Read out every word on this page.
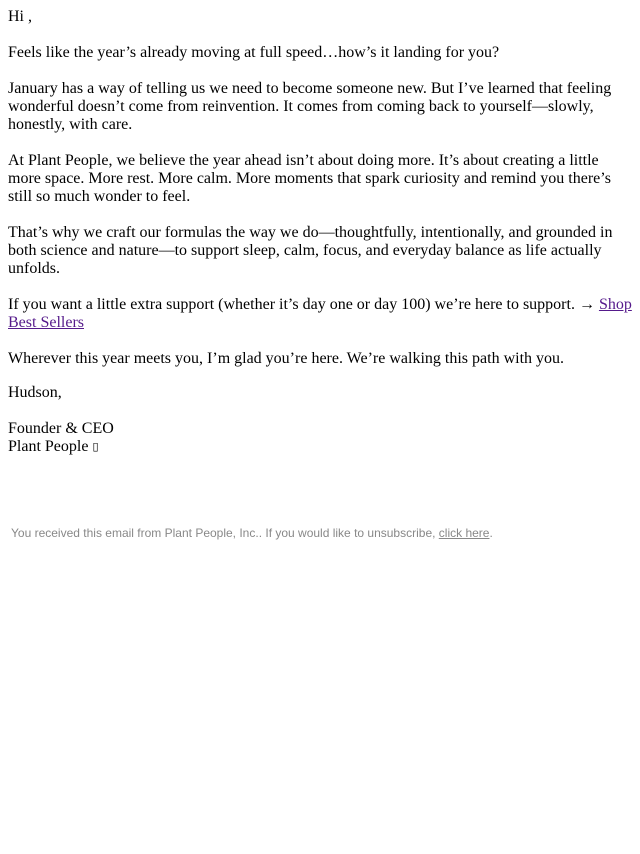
Hi ,

Feels like the year’s already moving at full speed…how’s it landing for you?

January has a way of telling us we need to become someone new. But I’ve learned that feeling wonderful doesn’t come from reinvention. It comes from coming back to yourself—slowly, honestly, with care.

At Plant People, we believe the year ahead isn’t about doing more. It’s about creating a little more space. More rest. More calm. More moments that spark curiosity and remind you there’s still so much wonder to feel.

That’s why we craft our formulas the way we do—thoughtfully, intentionally, and grounded in both science and nature—to support sleep, calm, focus, and everyday balance as life actually unfolds.

If you want a little extra support (whether it’s day one or day 100) we’re here to support. → Shop Best Sellers

Wherever this year meets you, I’m glad you’re here. We’re walking this path with you.

Hudson,

Founder & CEO
Plant People ▯

You received this email from Plant People, Inc.. If you would like to unsubscribe, click here.
